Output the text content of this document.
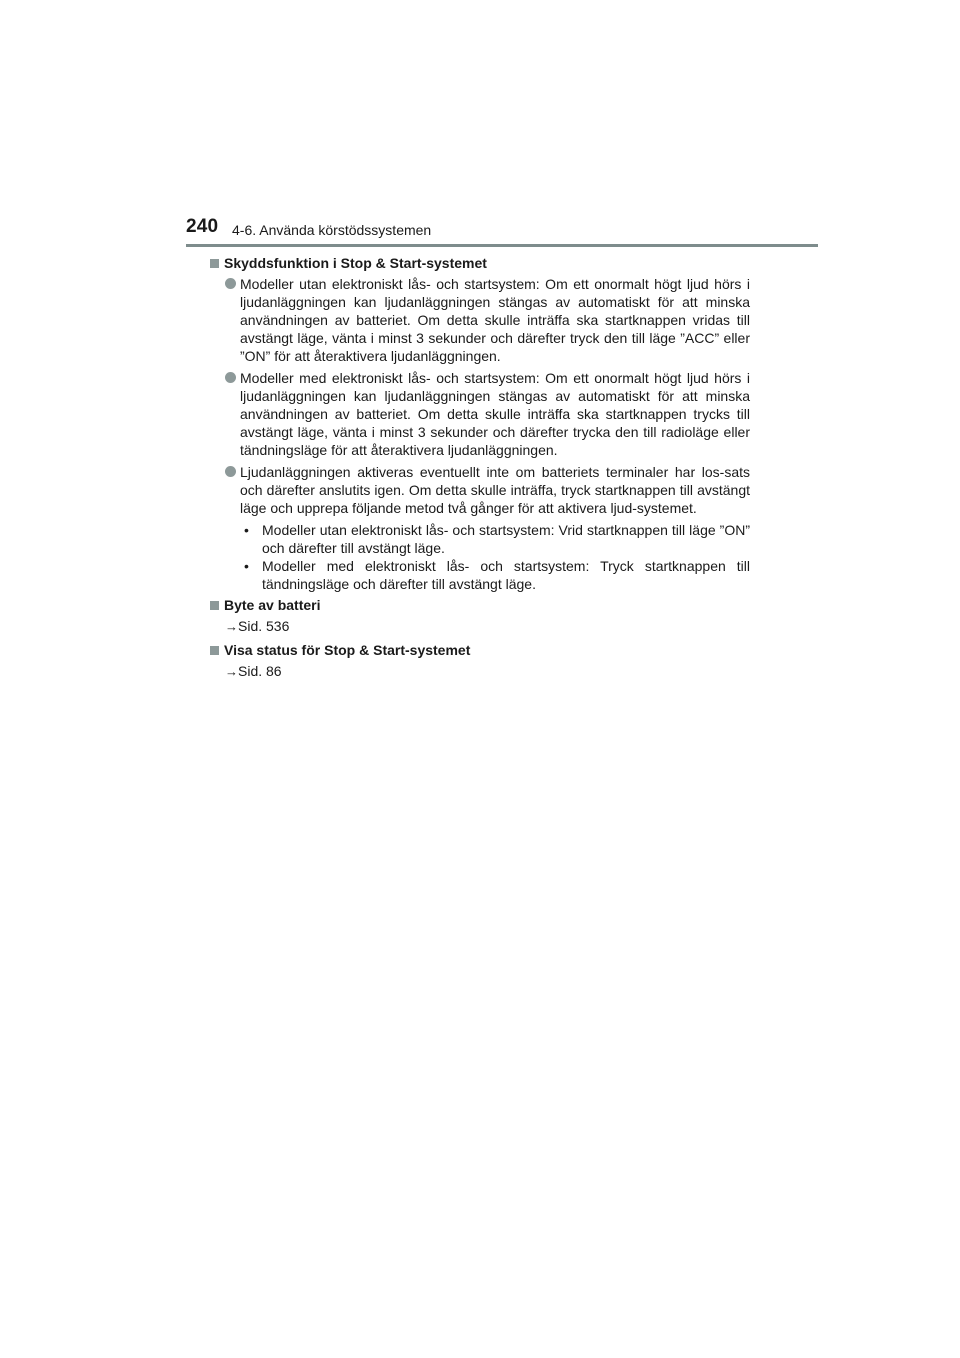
240 4-6. Använda körstödssystemen
Skyddsfunktion i Stop & Start-systemet
Modeller utan elektroniskt lås- och startsystem: Om ett onormalt högt ljud hörs i ljudanläggningen kan ljudanläggningen stängas av automatiskt för att minska användningen av batteriet. Om detta skulle inträffa ska startknappen vridas till avstängt läge, vänta i minst 3 sekunder och därefter tryck den till läge ”ACC” eller ”ON” för att återaktivera ljudanläggningen.
Modeller med elektroniskt lås- och startsystem: Om ett onormalt högt ljud hörs i ljudanläggningen kan ljudanläggningen stängas av automatiskt för att minska användningen av batteriet. Om detta skulle inträffa ska startknappen trycks till avstängt läge, vänta i minst 3 sekunder och därefter trycka den till radioläge eller tändningsläge för att återaktivera ljudanläggningen.
Ljudanläggningen aktiveras eventuellt inte om batteriets terminaler har los-sats och därefter anslutits igen. Om detta skulle inträffa, tryck startknappen till avstängt läge och upprepa följande metod två gånger för att aktivera ljud-systemet.
• Modeller utan elektroniskt lås- och startsystem: Vrid startknappen till läge ”ON” och därefter till avstängt läge.
• Modeller med elektroniskt lås- och startsystem: Tryck startknappen till tändningsläge och därefter till avstängt läge.
Byte av batteri
→Sid. 536
Visa status för Stop & Start-systemet
→Sid. 86
